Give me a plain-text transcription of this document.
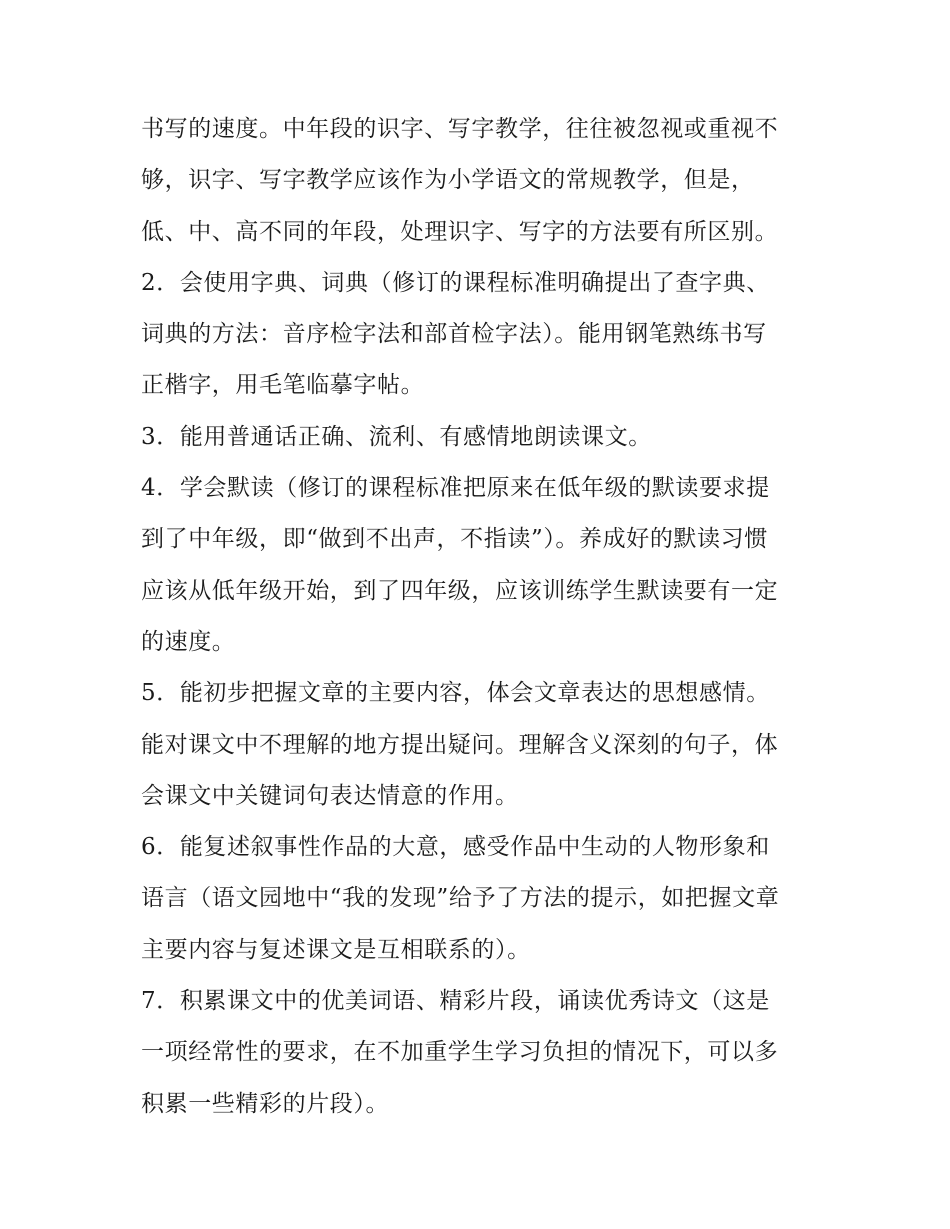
书写的速度。中年段的识字、写字教学，往往被忽视或重视不
够，识字、写字教学应该作为小学语文的常规教学，但是，
低、中、高不同的年段，处理识字、写字的方法要有所区别。
2．会使用字典、词典（修订的课程标准明确提出了查字典、
词典的方法：音序检字法和部首检字法）。能用钢笔熟练书写
正楷字，用毛笔临摹字帖。
3．能用普通话正确、流利、有感情地朗读课文。
4．学会默读（修订的课程标准把原来在低年级的默读要求提
到了中年级，即“做到不出声，不指读”）。养成好的默读习惯
应该从低年级开始，到了四年级，应该训练学生默读要有一定
的速度。
5．能初步把握文章的主要内容，体会文章表达的思想感情。
能对课文中不理解的地方提出疑问。理解含义深刻的句子，体
会课文中关键词句表达情意的作用。
6．能复述叙事性作品的大意，感受作品中生动的人物形象和
语言（语文园地中“我的发现”给予了方法的提示，如把握文章
主要内容与复述课文是互相联系的）。
7．积累课文中的优美词语、精彩片段，诵读优秀诗文（这是
一项经常性的要求，在不加重学生学习负担的情况下，可以多
积累一些精彩的片段）。
